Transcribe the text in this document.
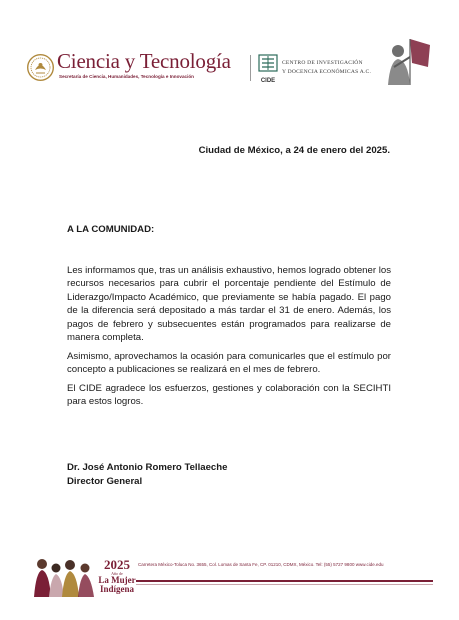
Ciencia y Tecnología
Secretaría de Ciencia, Humanidades, Tecnología e Innovación
CIDE
CENTRO DE INVESTIGACIÓN
Y DOCENCIA ECONÓMICAS A.C.
Ciudad de México, a 24 de enero del 2025.
A LA COMUNIDAD:

Les informamos que, tras un análisis exhaustivo, hemos logrado obtener los recursos necesarios para cubrir el porcentaje pendiente del Estímulo de Liderazgo/Impacto Académico, que previamente se había pagado. El pago de la diferencia será depositado a más tardar el 31 de enero. Además, los pagos de febrero y subsecuentes están programados para realizarse de manera completa.

Asimismo, aprovechamos la ocasión para comunicarles que el estímulo por concepto a publicaciones se realizará en el mes de febrero.

El CIDE agradece los esfuerzos, gestiones y colaboración con la SECIHTI para estos logros.

Dr. José Antonio Romero Tellaeche
Director General
2025
Año de
La Mujer
Indígena
Carretera México-Toluca No. 3655, Col. Lomas de Santa Fe, CP. 01210, CDMX, México. Tel: (55) 5727 9800 www.cide.edu
